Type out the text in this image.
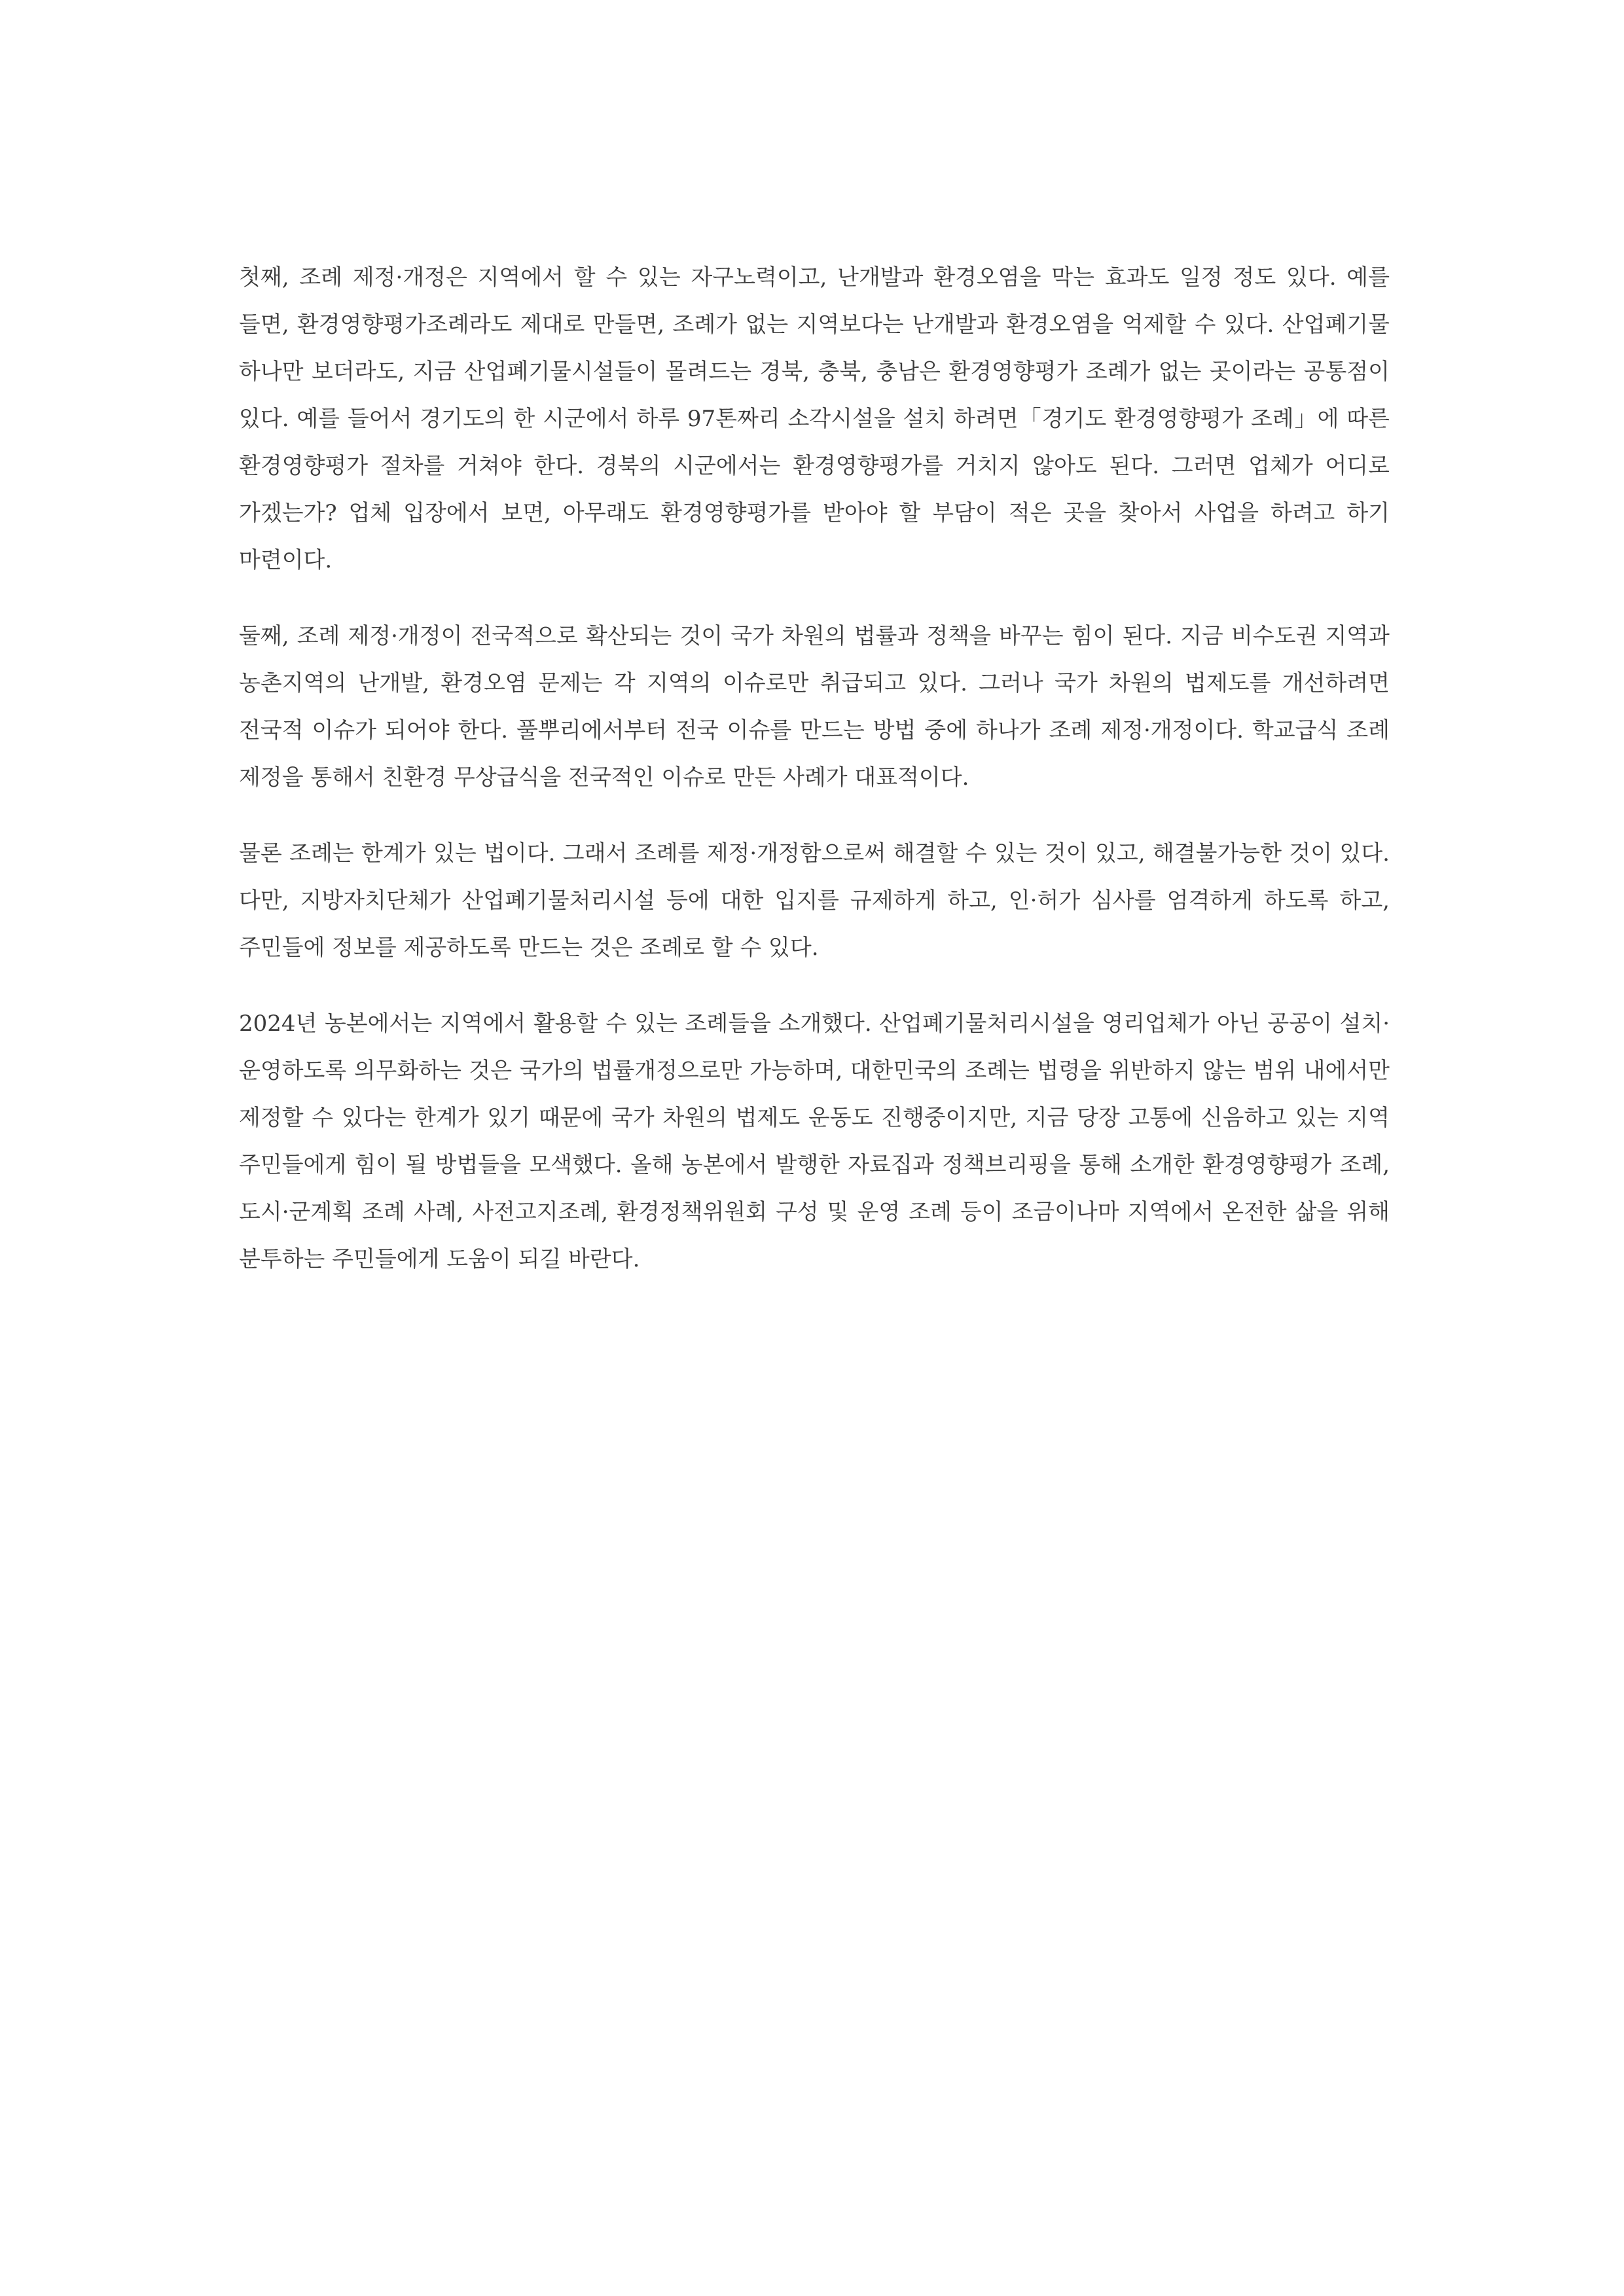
첫째, 조례 제정·개정은 지역에서 할 수 있는 자구노력이고, 난개발과 환경오염을 막는 효과도 일정 정도 있다. 예를 들면, 환경영향평가조례라도 제대로 만들면, 조례가 없는 지역보다는 난개발과 환경오염을 억제할 수 있다. 산업폐기물 하나만 보더라도, 지금 산업폐기물시설들이 몰려드는 경북, 충북, 충남은 환경영향평가 조례가 없는 곳이라는 공통점이 있다. 예를 들어서 경기도의 한 시군에서 하루 97톤짜리 소각시설을 설치 하려면「경기도 환경영향평가 조례」에 따른 환경영향평가 절차를 거쳐야 한다. 경북의 시군에서는 환경영향평가를 거치지 않아도 된다. 그러면 업체가 어디로 가겠는가? 업체 입장에서 보면, 아무래도 환경영향평가를 받아야 할 부담이 적은 곳을 찾아서 사업을 하려고 하기 마련이다.

둘째, 조례 제정·개정이 전국적으로 확산되는 것이 국가 차원의 법률과 정책을 바꾸는 힘이 된다. 지금 비수도권 지역과 농촌지역의 난개발, 환경오염 문제는 각 지역의 이슈로만 취급되고 있다. 그러나 국가 차원의 법제도를 개선하려면 전국적 이슈가 되어야 한다. 풀뿌리에서부터 전국 이슈를 만드는 방법 중에 하나가 조례 제정·개정이다. 학교급식 조례 제정을 통해서 친환경 무상급식을 전국적인 이슈로 만든 사례가 대표적이다.

물론 조례는 한계가 있는 법이다. 그래서 조례를 제정·개정함으로써 해결할 수 있는 것이 있고, 해결불가능한 것이 있다. 다만, 지방자치단체가 산업폐기물처리시설 등에 대한 입지를 규제하게 하고, 인·허가 심사를 엄격하게 하도록 하고, 주민들에 정보를 제공하도록 만드는 것은 조례로 할 수 있다.

2024년 농본에서는 지역에서 활용할 수 있는 조례들을 소개했다. 산업폐기물처리시설을 영리업체가 아닌 공공이 설치·운영하도록 의무화하는 것은 국가의 법률개정으로만 가능하며, 대한민국의 조례는 법령을 위반하지 않는 범위 내에서만 제정할 수 있다는 한계가 있기 때문에 국가 차원의 법제도 운동도 진행중이지만, 지금 당장 고통에 신음하고 있는 지역 주민들에게 힘이 될 방법들을 모색했다. 올해 농본에서 발행한 자료집과 정책브리핑을 통해 소개한 환경영향평가 조례, 도시·군계획 조례 사례, 사전고지조례, 환경정책위원회 구성 및 운영 조례 등이 조금이나마 지역에서 온전한 삶을 위해 분투하는 주민들에게 도움이 되길 바란다.
